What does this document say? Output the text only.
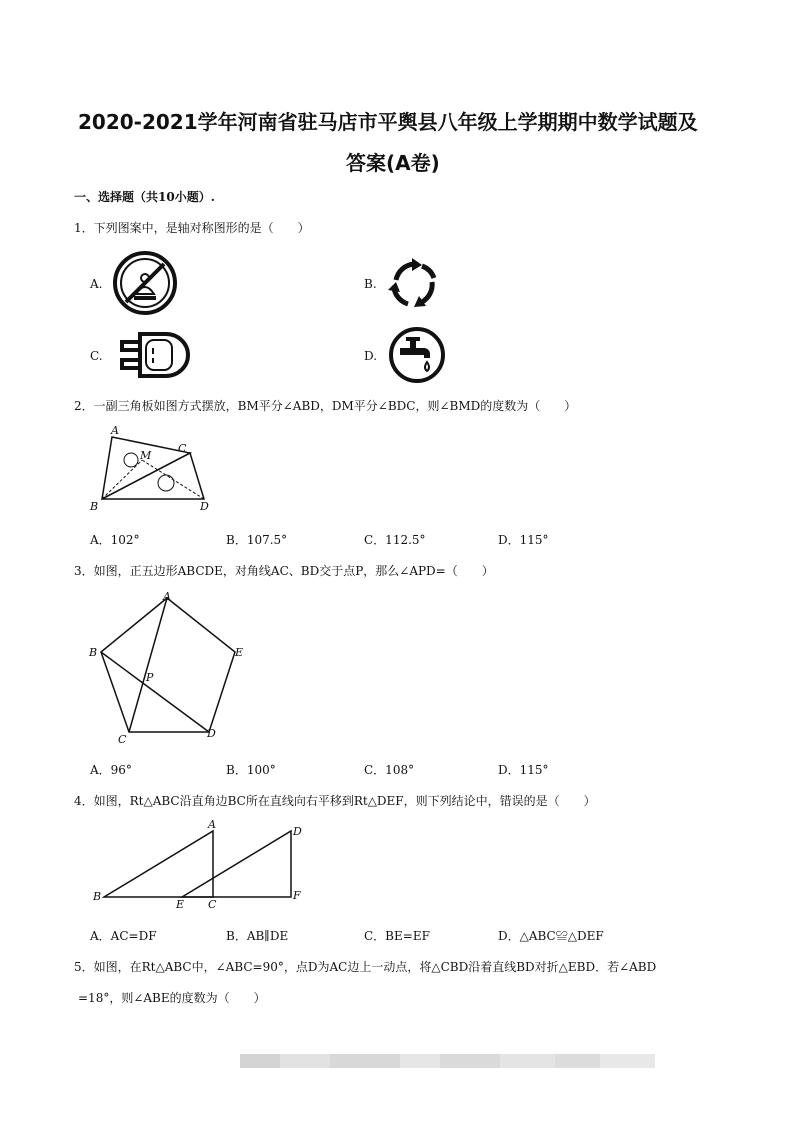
2020-2021学年河南省驻马店市平舆县八年级上学期期中数学试题及
答案(A卷)
一、选择题（共10小题）.
1．下列图案中，是轴对称图形的是（　　）
A.	B.
C.	D.
2．一副三角板如图方式摆放，BM平分∠ABD，DM平分∠BDC，则∠BMD的度数为（　　）
A
C
M
B	D
A．102°	B．107.5°	C．112.5°	D．115°
3．如图，正五边形ABCDE，对角线AC、BD交于点P，那么∠APD=（　　）
A
B	E
P
C	D
A．96°	B．100°	C．108°	D．115°
4．如图，Rt△ABC沿直角边BC所在直线向右平移到Rt△DEF，则下列结论中，错误的是（　　）
A
D
B
E C
F
A．AC=DF	B．AB∥DE	C．BE=EF	D．△ABC≌△DEF
5．如图，在Rt△ABC中，∠ABC=90°，点D为AC边上一动点，将△CBD沿着直线BD对折△EBD．若∠ABD
=18°，则∠ABE的度数为（　　）
